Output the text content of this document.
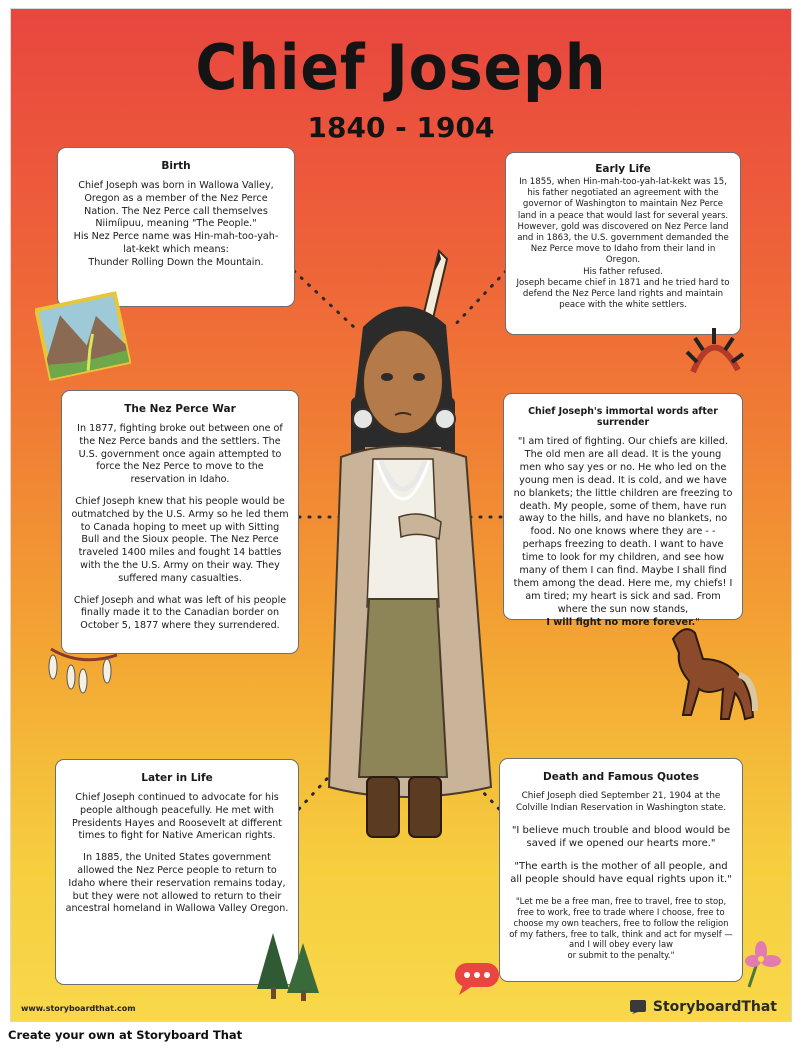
Chief Joseph
1840 - 1904
Birth

Chief Joseph was born in Wallowa Valley, Oregon as a member of the Nez Perce Nation. The Nez Perce call themselves Niimíipuu, meaning "The People."
His Nez Perce name was Hin-mah-too-yah-lat-kekt which means:
Thunder Rolling Down the Mountain.

Early Life

In 1855, when Hin-mah-too-yah-lat-kekt was 15, his father negotiated an agreement with the governor of Washington to maintain Nez Perce land in a peace that would last for several years.
However, gold was discovered on Nez Perce land and in 1863, the U.S. government demanded the Nez Perce move to Idaho from their land in Oregon.
His father refused.
Joseph became chief in 1871 and he tried hard to defend the Nez Perce land rights and maintain peace with the white settlers.

The Nez Perce War

In 1877, fighting broke out between one of the Nez Perce bands and the settlers. The U.S. government once again attempted to force the Nez Perce to move to the reservation in Idaho.

Chief Joseph knew that his people would be outmatched by the U.S. Army so he led them to Canada hoping to meet up with Sitting Bull and the Sioux people. The Nez Perce traveled 1400 miles and fought 14 battles with the the U.S. Army on their way. They suffered many casualties.

Chief Joseph and what was left of his people finally made it to the Canadian border on October 5, 1877 where they surrendered.

Chief Joseph's immortal words after surrender

"I am tired of fighting. Our chiefs are killed. The old men are all dead. It is the young men who say yes or no. He who led on the young men is dead. It is cold, and we have no blankets; the little children are freezing to death. My people, some of them, have run away to the hills, and have no blankets, no food. No one knows where they are - - perhaps freezing to death. I want to have time to look for my children, and see how many of them I can find. Maybe I shall find them among the dead. Here me, my chiefs! I am tired; my heart is sick and sad. From where the sun now stands,
I will fight no more forever."

Later in Life

Chief Joseph continued to advocate for his people although peacefully. He met with Presidents Hayes and Roosevelt at different times to fight for Native American rights.

In 1885, the United States government allowed the Nez Perce people to return to Idaho where their reservation remains today, but they were not allowed to return to their ancestral homeland in Wallowa Valley Oregon.

Death and Famous Quotes

Chief Joseph died September 21, 1904 at the Colville Indian Reservation in Washington state.

"I believe much trouble and blood would be saved if we opened our hearts more."

"The earth is the mother of all people, and all people should have equal rights upon it."

"Let me be a free man, free to travel, free to stop, free to work, free to trade where I choose, free to choose my own teachers, free to follow the religion of my fathers, free to talk, think and act for myself — and I will obey every law
or submit to the penalty."

www.storyboardthat.com	StoryboardThat
Create your own at Storyboard That
